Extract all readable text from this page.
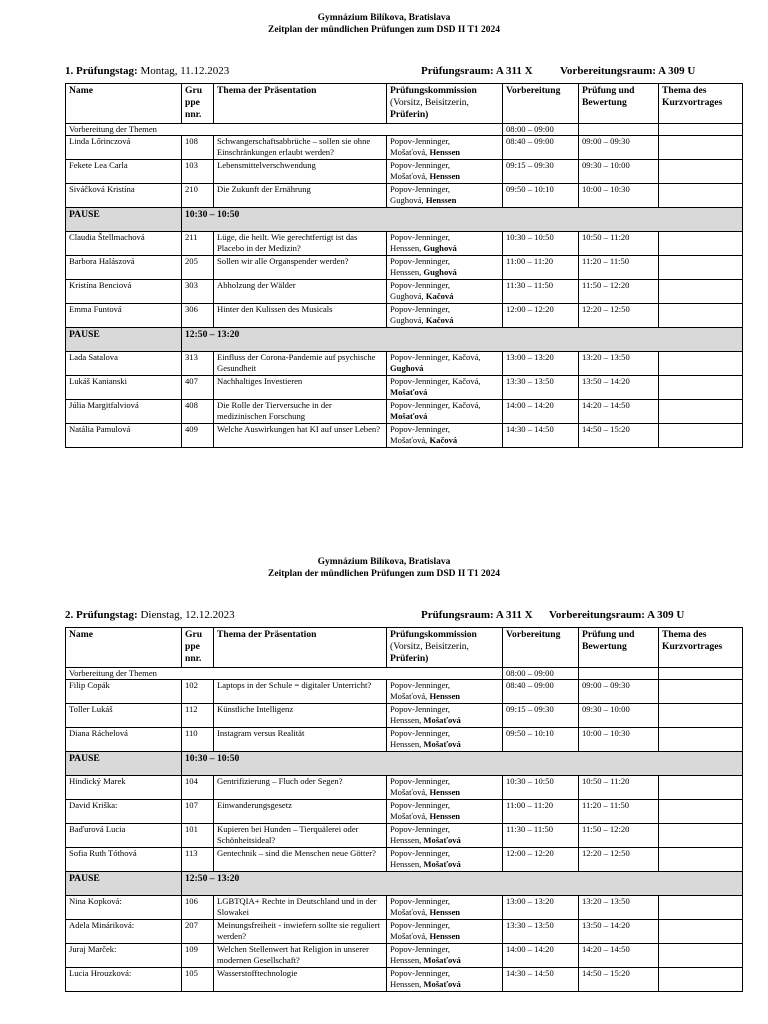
Gymnázium Bilíkova, Bratislava
Zeitplan der mündlichen Prüfungen zum DSD II T1 2024
1. Prüfungstag: Montag, 11.12.2023	Prüfungsraum: A 311 X Vorbereitungsraum: A 309 U
Name	Gru ppe nnr.	Thema der Präsentation	Prüfungskommission
(Vorsitz, Beisitzerin,
Prüferin)	Vorbereitung	Prüfung und Bewertung	Thema des Kurzvortrages
Vorbereitung der Themen				08:00 – 09:00		
Linda Lőrinczová	108	Schwangerschaftsabbrüche – sollen sie ohne Einschränkungen erlaubt werden?	Popov-Jenninger,
Mošaťová, Henssen	08:40 – 09:00	09:00 – 09:30	
Fekete Lea Carla	103	Lebensmittelverschwendung	Popov-Jenninger,
Mošaťová, Henssen	09:15 – 09:30	09:30 – 10:00	
Siváčková Kristína	210	Die Zukunft der Ernährung	Popov-Jenninger,
Gughová, Henssen	09:50 – 10:10	10:00 – 10:30	
PAUSE	10:30 – 10:50					
Claudia Štellmachová	211	Lüge, die heilt. Wie gerechtfertigt ist das Placebo in der Medizin?	Popov-Jenninger,
Henssen, Gughová	10:30 – 10:50	10:50 – 11:20	
Barbora Halászová	205	Sollen wir alle Organspender werden?	Popov-Jenninger,
Henssen, Gughová	11:00 – 11:20	11:20 – 11:50	
Kristína Benciová	303	Abholzung der Wälder	Popov-Jenninger,
Gughová, Kačová	11:30 – 11:50	11:50 – 12:20	
Emma Funtová	306	Hinter den Kulissen des Musicals	Popov-Jenninger,
Gughová, Kačová	12:00 – 12:20	12:20 – 12:50	
PAUSE	12:50 – 13:20					
Lada Satalova	313	Einfluss der Corona-Pandemie auf psychische Gesundheit	Popov-Jenninger, Kačová,
Gughová	13:00 – 13:20	13:20 – 13:50	
Lukáš Kanianski	407	Nachhaltiges Investieren	Popov-Jenninger, Kačová,
Mošaťová	13:30 – 13:50	13:50 – 14:20	
Júlia Margitfalviová	408	Die Rolle der Tierversuche in der medizinischen Forschung	Popov-Jenninger, Kačová,
Mošaťová	14:00 – 14:20	14:20 – 14:50	
Natália Pamulová	409	Welche Auswirkungen hat KI auf unser Leben?	Popov-Jenninger,
Mošaťová, Kačová	14:30 – 14:50	14:50 – 15:20	
Gymnázium Bilíkova, Bratislava
Zeitplan der mündlichen Prüfungen zum DSD II T1 2024
2. Prüfungstag: Dienstag, 12.12.2023	Prüfungsraum: A 311 X Vorbereitungsraum: A 309 U
Name	Gru ppe nnr.	Thema der Präsentation	Prüfungskommission
(Vorsitz, Beisitzerin,
Prüferin)	Vorbereitung	Prüfung und Bewertung	Thema des Kurzvortrages
Vorbereitung der Themen				08:00 – 09:00		
Filip Copák	102	Laptops in der Schule = digitaler Unterricht?	Popov-Jenninger,
Mošaťová, Henssen	08:40 – 09:00	09:00 – 09:30	
Toller Lukáš	112	Künstliche Intelligenz	Popov-Jenninger,
Henssen, Mošaťová	09:15 – 09:30	09:30 – 10:00	
Diana Ráchelová	110	Instagram versus Realität	Popov-Jenninger,
Henssen, Mošaťová	09:50 – 10:10	10:00 – 10:30	
PAUSE	10:30 – 10:50					
Hindický Marek	104	Gentrifizierung – Fluch oder Segen?	Popov-Jenninger,
Mošaťová, Henssen	10:30 – 10:50	10:50 – 11:20	
David Kriška:	107	Einwanderungsgesetz	Popov-Jenninger,
Mošaťová, Henssen	11:00 – 11:20	11:20 – 11:50	
Baďurová Lucia	101	Kupieren bei Hunden – Tierquälerei oder Schönheitsideal?	Popov-Jenninger,
Henssen, Mošaťová	11:30 – 11:50	11:50 – 12:20	
Sofia Ruth Tóthová	113	Gentechnik – sind die Menschen neue Götter?	Popov-Jenninger,
Henssen, Mošaťová	12:00 – 12:20	12:20 – 12:50	
PAUSE	12:50 – 13:20					
Nina Kopková:	106	LGBTQIA+ Rechte in Deutschland und in der Slowakei	Popov-Jenninger,
Mošaťová, Henssen	13:00 – 13:20	13:20 – 13:50	
Adela Mináriková:	207	Meinungsfreiheit - inwiefern sollte sie reguliert werden?	Popov-Jenninger,
Mošaťová, Henssen	13:30 – 13:50	13:50 – 14:20	
Juraj Marček:	109	Welchen Stellenwert hat Religion in unserer modernen Gesellschaft?	Popov-Jenninger,
Henssen, Mošaťová	14:00 – 14:20	14:20 – 14:50	
Lucia Hrouzková:	105	Wasserstofftechnologie	Popov-Jenninger,
Henssen, Mošaťová	14:30 – 14:50	14:50 – 15:20	
